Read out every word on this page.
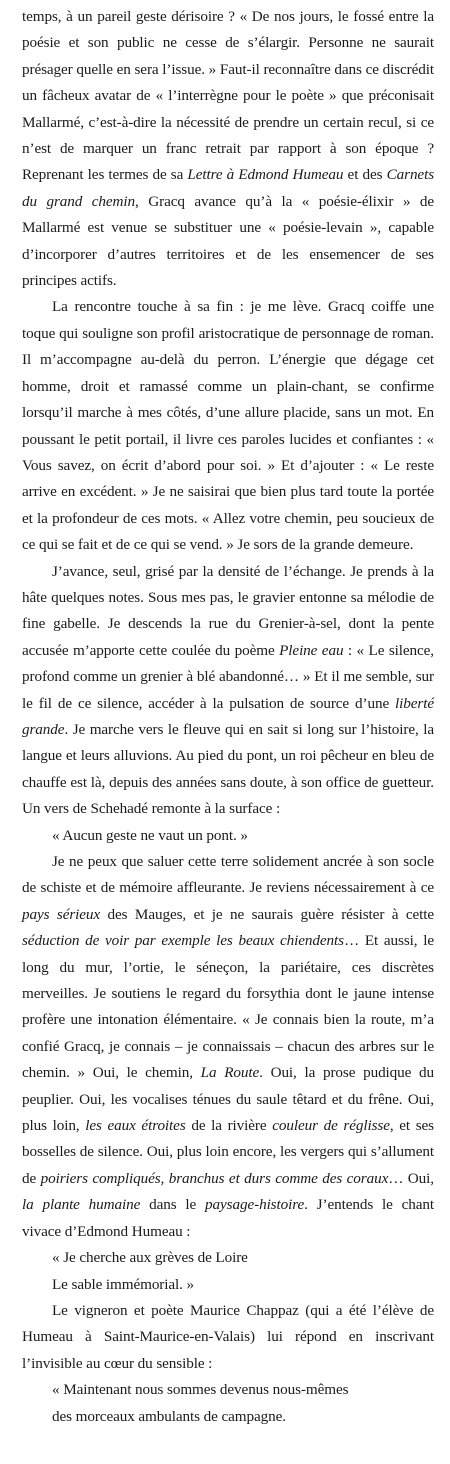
temps, à un pareil geste dérisoire ? « De nos jours, le fossé entre la poésie et son public ne cesse de s’élargir. Personne ne saurait présager quelle en sera l’issue. » Faut-il reconnaître dans ce discrédit un fâcheux avatar de « l’interrègne pour le poète » que préconisait Mallarmé, c’est-à-dire la nécessité de prendre un certain recul, si ce n’est de marquer un franc retrait par rapport à son époque ? Reprenant les termes de sa Lettre à Edmond Humeau et des Carnets du grand chemin, Gracq avance qu’à la « poésie-élixir » de Mallarmé est venue se substituer une « poésie-levain », capable d’incorporer d’autres territoires et de les ensemencer de ses principes actifs.

La rencontre touche à sa fin : je me lève. Gracq coiffe une toque qui souligne son profil aristocratique de personnage de roman. Il m’accompagne au-delà du perron. L’énergie que dégage cet homme, droit et ramassé comme un plain-chant, se confirme lorsqu’il marche à mes côtés, d’une allure placide, sans un mot. En poussant le petit portail, il livre ces paroles lucides et confiantes : « Vous savez, on écrit d’abord pour soi. » Et d’ajouter : « Le reste arrive en excédent. » Je ne saisirai que bien plus tard toute la portée et la profondeur de ces mots. « Allez votre chemin, peu soucieux de ce qui se fait et de ce qui se vend. » Je sors de la grande demeure.

J’avance, seul, grisé par la densité de l’échange. Je prends à la hâte quelques notes. Sous mes pas, le gravier entonne sa mélodie de fine gabelle. Je descends la rue du Grenier-à-sel, dont la pente accusée m’apporte cette coulée du poème Pleine eau : « Le silence, profond comme un grenier à blé abandonné… » Et il me semble, sur le fil de ce silence, accéder à la pulsation de source d’une liberté grande. Je marche vers le fleuve qui en sait si long sur l’histoire, la langue et leurs alluvions. Au pied du pont, un roi pêcheur en bleu de chauffe est là, depuis des années sans doute, à son office de guetteur. Un vers de Schehadé remonte à la surface :

« Aucun geste ne vaut un pont. »

Je ne peux que saluer cette terre solidement ancrée à son socle de schiste et de mémoire affleurante. Je reviens nécessairement à ce pays sérieux des Mauges, et je ne saurais guère résister à cette séduction de voir par exemple les beaux chiendents… Et aussi, le long du mur, l’ortie, le séneçon, la pariétaire, ces discrètes merveilles. Je soutiens le regard du forsythia dont le jaune intense profère une intonation élémentaire. « Je connais bien la route, m’a confié Gracq, je connais – je connaissais – chacun des arbres sur le chemin. » Oui, le chemin, La Route. Oui, la prose pudique du peuplier. Oui, les vocalises ténues du saule têtard et du frêne. Oui, plus loin, les eaux étroites de la rivière couleur de réglisse, et ses bosselles de silence. Oui, plus loin encore, les vergers qui s’allument de poiriers compliqués, branchus et durs comme des coraux… Oui, la plante humaine dans le paysage-histoire. J’entends le chant vivace d’Edmond Humeau :

« Je cherche aux grèves de Loire

Le sable immémorial. »

Le vigneron et poète Maurice Chappaz (qui a été l’élève de Humeau à Saint-Maurice-en-Valais) lui répond en inscrivant l’invisible au cœur du sensible :

« Maintenant nous sommes devenus nous-mêmes

des morceaux ambulants de campagne.
